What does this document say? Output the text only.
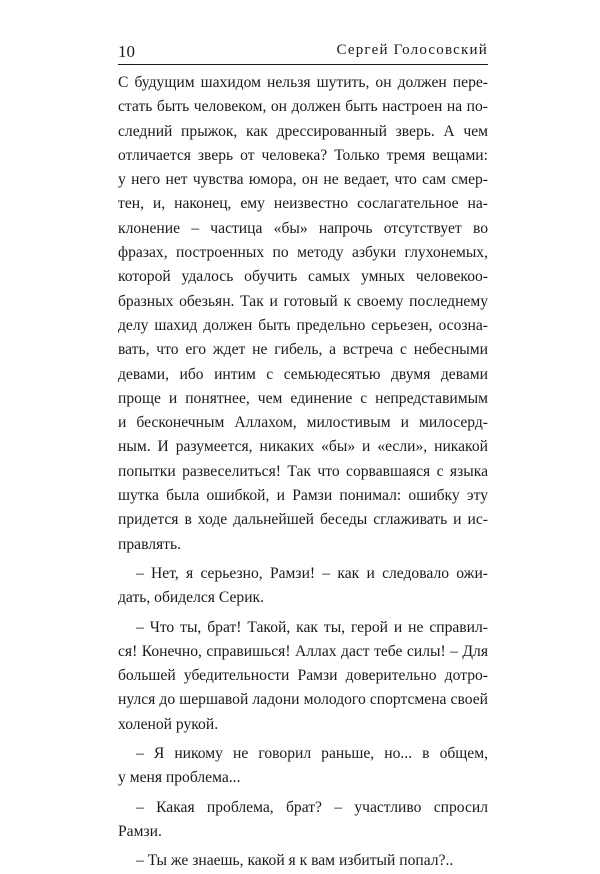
10	Сергей Голосовский
С будущим шахидом нельзя шутить, он должен пере-
стать быть человеком, он должен быть настроен на по-
следний прыжок, как дрессированный зверь. А чем
отличается зверь от человека? Только тремя вещами:
у него нет чувства юмора, он не ведает, что сам смер-
тен, и, наконец, ему неизвестно сослагательное на-
клонение – частица «бы» напрочь отсутствует во
фразах, построенных по методу азбуки глухонемых,
которой удалось обучить самых умных человекоо-
бразных обезьян. Так и готовый к своему последнему
делу шахид должен быть предельно серьезен, осозна-
вать, что его ждет не гибель, а встреча с небесными
девами, ибо интим с семьюдесятью двумя девами
проще и понятнее, чем единение с непредставимым
и бесконечным Аллахом, милостивым и милосерд-
ным. И разумеется, никаких «бы» и «если», никакой
попытки развеселиться! Так что сорвавшаяся с языка
шутка была ошибкой, и Рамзи понимал: ошибку эту
придется в ходе дальнейшей беседы сглаживать и ис-
правлять.
– Нет, я серьезно, Рамзи! – как и следовало ожи-
дать, обиделся Серик.
– Что ты, брат! Такой, как ты, герой и не справил-
ся! Конечно, справишься! Аллах даст тебе силы! – Для
большей убедительности Рамзи доверительно дотро-
нулся до шершавой ладони молодого спортсмена своей
холеной рукой.
– Я никому не говорил раньше, но... в общем,
у меня проблема...
– Какая проблема, брат? – участливо спросил
Рамзи.
– Ты же знаешь, какой я к вам избитый попал?..
